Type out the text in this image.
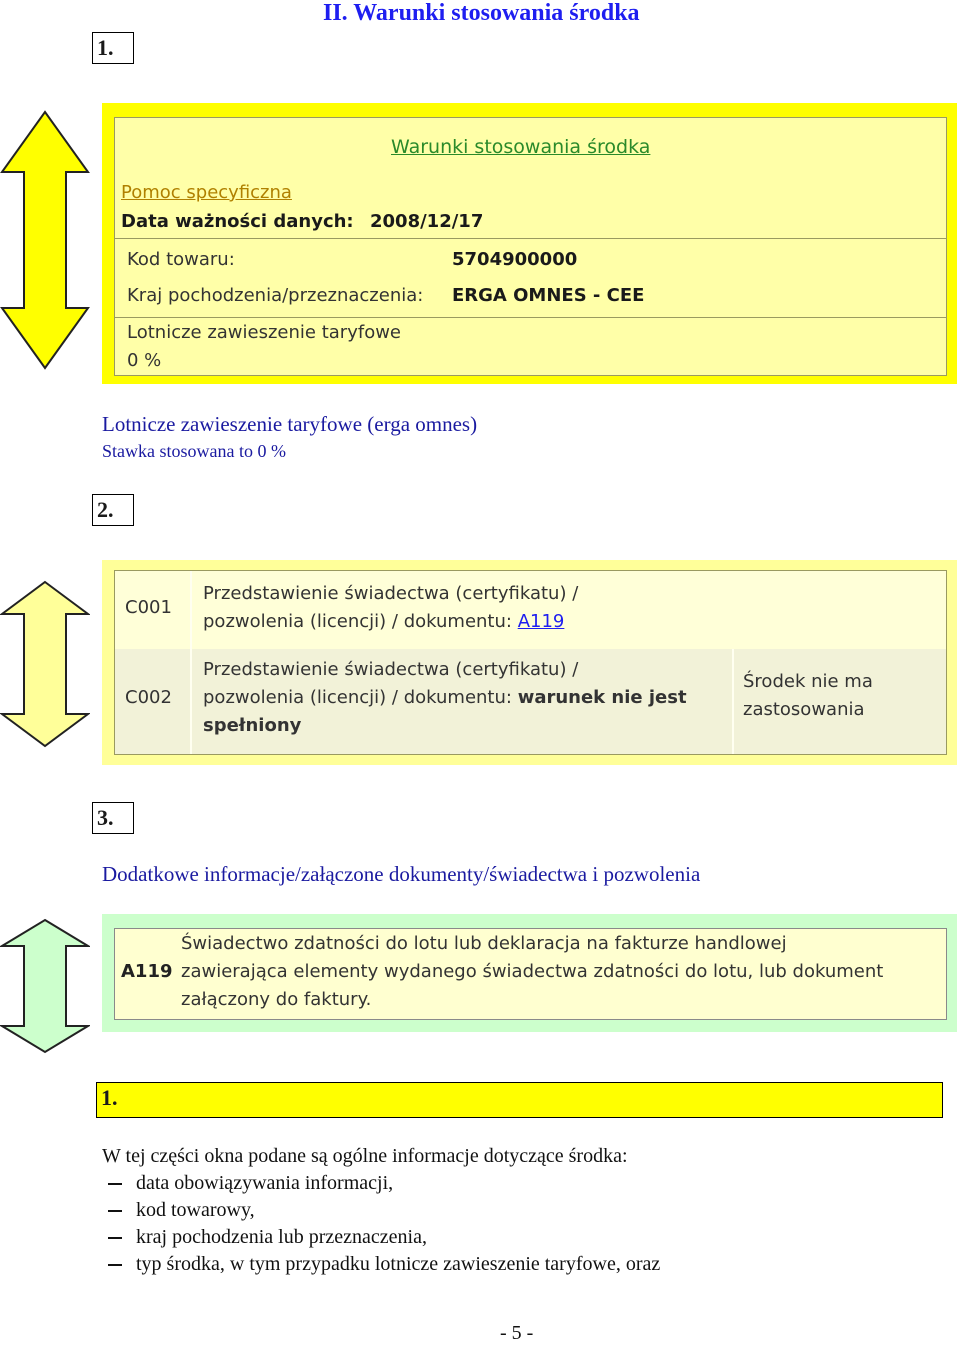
1.
II. Warunki stosowania środka
Warunki stosowania środka
Pomoc specyficzna
Data ważności danych: 2008/12/17
Kod towaru:	5704900000
Kraj pochodzenia/przeznaczenia: ERGA OMNES - CEE
Lotnicze zawieszenie taryfowe
0 %
Lotnicze zawieszenie taryfowe (erga omnes)
Stawka stosowana to 0 %
2.
C001
Przedstawienie świadectwa (certyfikatu) /
pozwolenia (licencji) / dokumentu: A119
C002
Przedstawienie świadectwa (certyfikatu) /
pozwolenia (licencji) / dokumentu: warunek nie jest
spełniony
Środek nie ma
zastosowania
3.
Dodatkowe informacje/załączone dokumenty/świadectwa i pozwolenia
A119
Świadectwo zdatności do lotu lub deklaracja na fakturze handlowej
zawierająca elementy wydanego świadectwa zdatności do lotu, lub dokument
załączony do faktury.
1.
W tej części okna podane są ogólne informacje dotyczące środka:
data obowiązywania informacji,
kod towarowy,
kraj pochodzenia lub przeznaczenia,
typ środka, w tym przypadku lotnicze zawieszenie taryfowe, oraz
- 5 -
